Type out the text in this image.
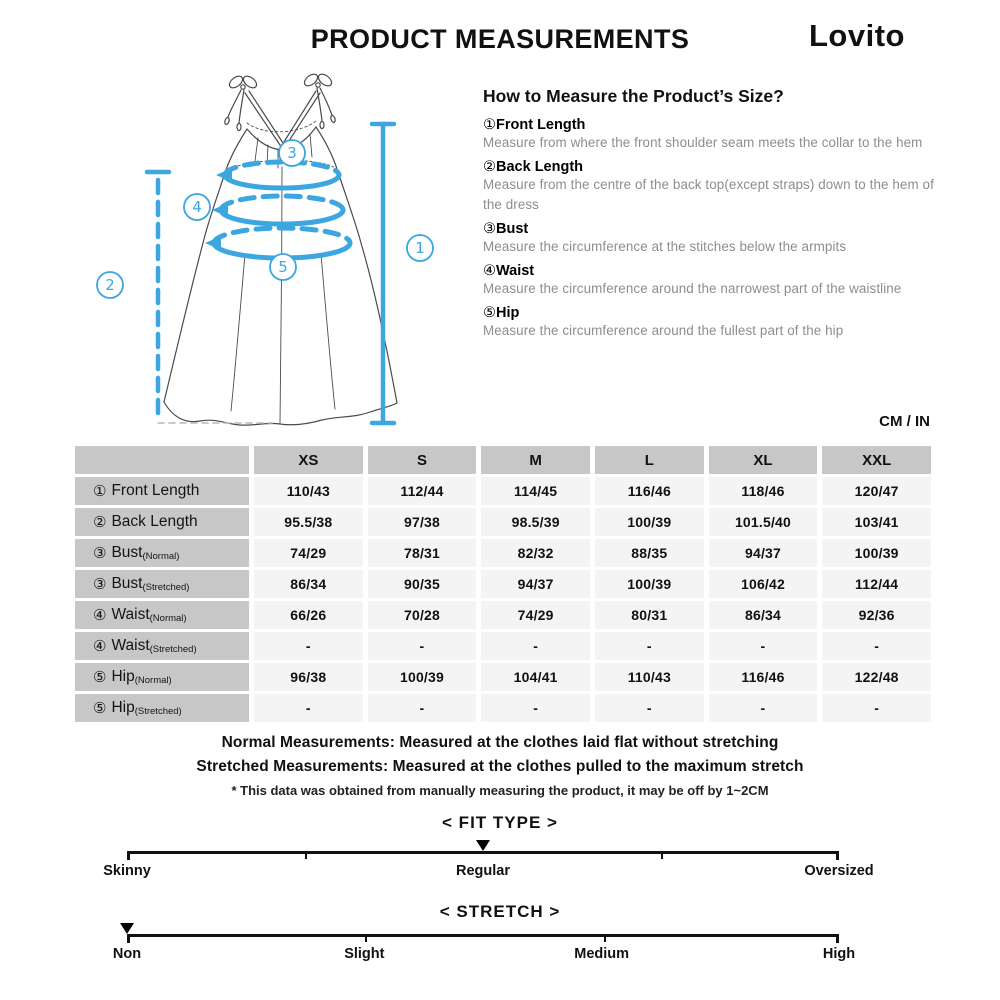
PRODUCT MEASUREMENTS	Lovito
1
2
3
4
5
How to Measure the Product’s Size?
①Front Length
Measure from where the front shoulder seam meets the collar to the hem
②Back Length
Measure from the centre of the back top(except straps) down to the hem of the dress
③Bust
Measure the circumference at the stitches below the armpits
④Waist
Measure the circumference around the narrowest part of the waistline
⑤Hip
Measure the circumference around the fullest part of the hip
CM / IN
XS	S	M	L	XL	XXL
① Front Length	110/43	112/44	114/45	116/46	118/46	120/47
② Back Length	95.5/38	97/38	98.5/39	100/39	101.5/40	103/41
③ Bust (Normal)	74/29	78/31	82/32	88/35	94/37	100/39
③ Bust (Stretched)	86/34	90/35	94/37	100/39	106/42	112/44
④ Waist (Normal)	66/26	70/28	74/29	80/31	86/34	92/36
④ Waist (Stretched)	-	-	-	-	-	-
⑤ Hip (Normal)	96/38	100/39	104/41	110/43	116/46	122/48
⑤ Hip (Stretched)	-	-	-	-	-	-
Normal Measurements: Measured at the clothes laid flat without stretching
Stretched Measurements: Measured at the clothes pulled to the maximum stretch
* This data was obtained from manually measuring the product, it may be off by 1~2CM
< FIT TYPE >
Skinny	Regular	Oversized
< STRETCH >
Non	Slight	Medium	High
